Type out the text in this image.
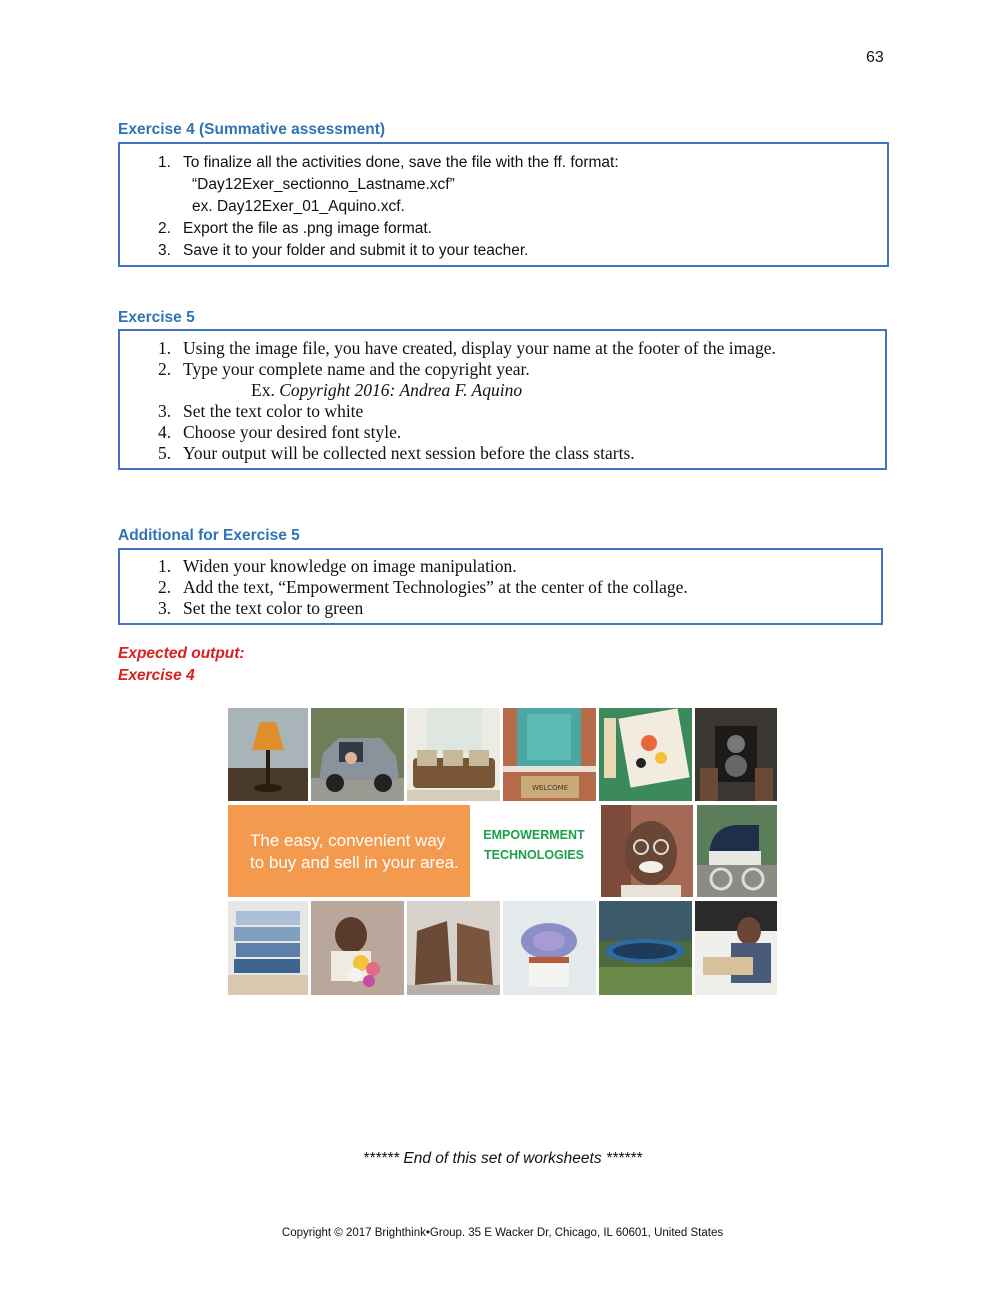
63
Exercise 4 (Summative assessment)
1. To finalize all the activities done, save the file with the ff. format:
“Day12Exer_sectionno_Lastname.xcf”
ex. Day12Exer_01_Aquino.xcf.
2. Export the file as .png image format.
3. Save it to your folder and submit it to your teacher.
Exercise 5
1. Using the image file, you have created, display your name at the footer of the image.
2. Type your complete name and the copyright year.
Ex. Copyright 2016: Andrea F. Aquino
3. Set the text color to white
4. Choose your desired font style.
5. Your output will be collected next session before the class starts.
Additional for Exercise 5
1. Widen your knowledge on image manipulation.
2. Add the text, “Empowerment Technologies” at the center of the collage.
3. Set the text color to green
Expected output:
Exercise 4
WELCOME
The easy, convenient way
to buy and sell in your area.
EMPOWERMENT
TECHNOLOGIES
****** End of this set of worksheets ******
Copyright © 2017 Brighthink•Group. 35 E Wacker Dr, Chicago, IL 60601, United States
